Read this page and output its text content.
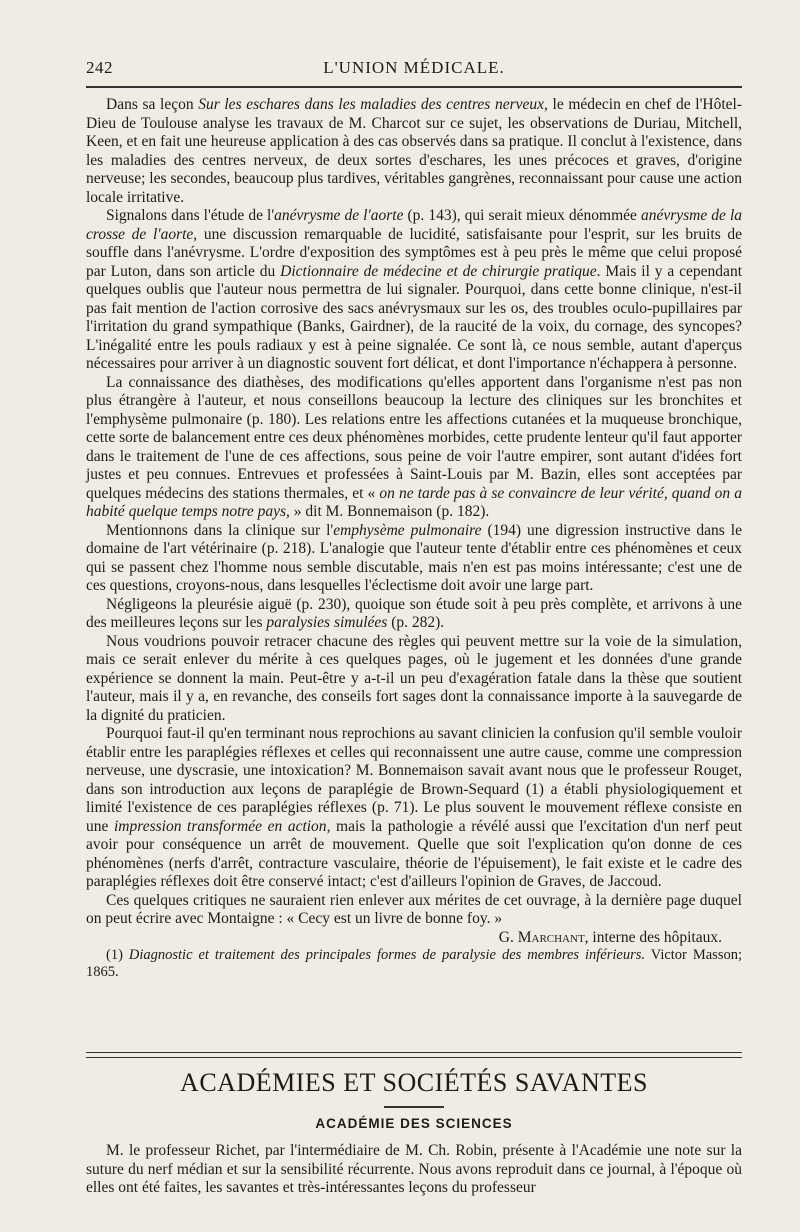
242	L'UNION MÉDICALE.

Dans sa leçon Sur les eschares dans les maladies des centres nerveux, le médecin en chef de l'Hôtel-Dieu de Toulouse analyse les travaux de M. Charcot sur ce sujet, les observations de Duriau, Mitchell, Keen, et en fait une heureuse application à des cas observés dans sa pratique. Il conclut à l'existence, dans les maladies des centres nerveux, de deux sortes d'eschares, les unes précoces et graves, d'origine nerveuse; les secondes, beaucoup plus tardives, véritables gangrènes, reconnaissant pour cause une action locale irritative.

Signalons dans l'étude de l'anévrysme de l'aorte (p. 143), qui serait mieux dénommée anévrysme de la crosse de l'aorte, une discussion remarquable de lucidité, satisfaisante pour l'esprit, sur les bruits de souffle dans l'anévrysme. L'ordre d'exposition des symptômes est à peu près le même que celui proposé par Luton, dans son article du Dictionnaire de médecine et de chirurgie pratique. Mais il y a cependant quelques oublis que l'auteur nous permettra de lui signaler. Pourquoi, dans cette bonne clinique, n'est-il pas fait mention de l'action corrosive des sacs anévrysmaux sur les os, des troubles oculo-pupillaires par l'irritation du grand sympathique (Banks, Gairdner), de la raucité de la voix, du cornage, des syncopes? L'inégalité entre les pouls radiaux y est à peine signalée. Ce sont là, ce nous semble, autant d'aperçus nécessaires pour arriver à un diagnostic souvent fort délicat, et dont l'importance n'échappera à personne.

La connaissance des diathèses, des modifications qu'elles apportent dans l'organisme n'est pas non plus étrangère à l'auteur, et nous conseillons beaucoup la lecture des cliniques sur les bronchites et l'emphysème pulmonaire (p. 180). Les relations entre les affections cutanées et la muqueuse bronchique, cette sorte de balancement entre ces deux phénomènes morbides, cette prudente lenteur qu'il faut apporter dans le traitement de l'une de ces affections, sous peine de voir l'autre empirer, sont autant d'idées fort justes et peu connues. Entrevues et professées à Saint-Louis par M. Bazin, elles sont acceptées par quelques médecins des stations thermales, et « on ne tarde pas à se convaincre de leur vérité, quand on a habité quelque temps notre pays, » dit M. Bonnemaison (p. 182).

Mentionnons dans la clinique sur l'emphysème pulmonaire (194) une digression instructive dans le domaine de l'art vétérinaire (p. 218). L'analogie que l'auteur tente d'établir entre ces phénomènes et ceux qui se passent chez l'homme nous semble discutable, mais n'en est pas moins intéressante; c'est une de ces questions, croyons-nous, dans lesquelles l'éclectisme doit avoir une large part.

Négligeons la pleurésie aiguë (p. 230), quoique son étude soit à peu près complète, et arrivons à une des meilleures leçons sur les paralysies simulées (p. 282).

Nous voudrions pouvoir retracer chacune des règles qui peuvent mettre sur la voie de la simulation, mais ce serait enlever du mérite à ces quelques pages, où le jugement et les données d'une grande expérience se donnent la main. Peut-être y a-t-il un peu d'exagération fatale dans la thèse que soutient l'auteur, mais il y a, en revanche, des conseils fort sages dont la connaissance importe à la sauvegarde de la dignité du praticien.

Pourquoi faut-il qu'en terminant nous reprochions au savant clinicien la confusion qu'il semble vouloir établir entre les paraplégies réflexes et celles qui reconnaissent une autre cause, comme une compression nerveuse, une dyscrasie, une intoxication? M. Bonnemaison savait avant nous que le professeur Rouget, dans son introduction aux leçons de paraplégie de Brown-Sequard (1) a établi physiologiquement et limité l'existence de ces paraplégies réflexes (p. 71). Le plus souvent le mouvement réflexe consiste en une impression transformée en action, mais la pathologie a révélé aussi que l'excitation d'un nerf peut avoir pour conséquence un arrêt de mouvement. Quelle que soit l'explication qu'on donne de ces phénomènes (nerfs d'arrêt, contracture vasculaire, théorie de l'épuisement), le fait existe et le cadre des paraplégies réflexes doit être conservé intact; c'est d'ailleurs l'opinion de Graves, de Jaccoud.

Ces quelques critiques ne sauraient rien enlever aux mérites de cet ouvrage, à la dernière page duquel on peut écrire avec Montaigne : « Cecy est un livre de bonne foy. »

G. Marchant, interne des hôpitaux.

(1) Diagnostic et traitement des principales formes de paralysie des membres inférieurs. Victor Masson; 1865.

ACADÉMIES ET SOCIÉTÉS SAVANTES
ACADÉMIE DES SCIENCES

M. le professeur Richet, par l'intermédiaire de M. Ch. Robin, présente à l'Académie une note sur la suture du nerf médian et sur la sensibilité récurrente. Nous avons reproduit dans ce journal, à l'époque où elles ont été faites, les savantes et très-intéressantes leçons du professeur
